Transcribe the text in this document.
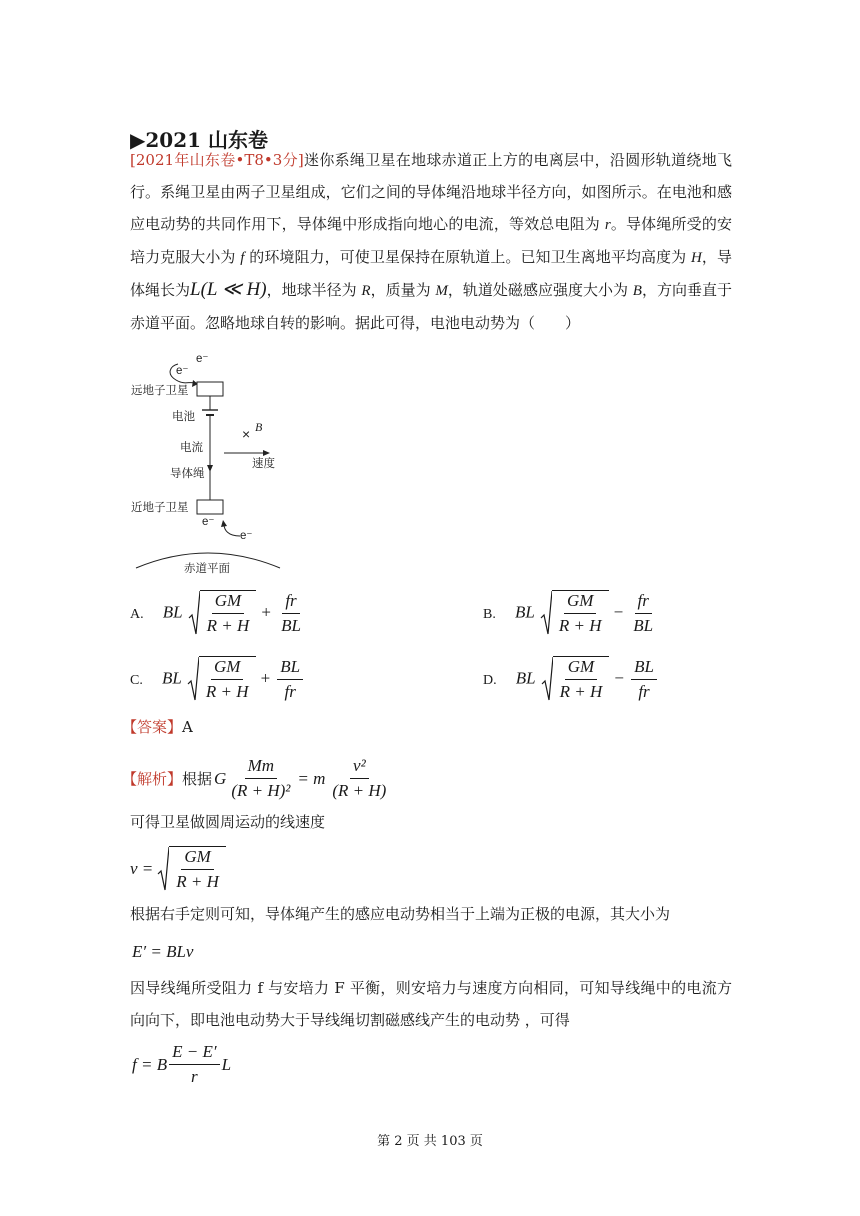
▶2021 山东卷
[2021年山东卷•T8•3分]迷你系绳卫星在地球赤道正上方的电离层中，沿圆形轨道绕地飞行。系绳卫星由两子卫星组成，它们之间的导体绳沿地球半径方向，如图所示。在电池和感应电动势的共同作用下，导体绳中形成指向地心的电流，等效总电阻为 r。导体绳所受的安培力克服大小为 f 的环境阻力，可使卫星保持在原轨道上。已知卫生离地平均高度为 H，导体绳长为L(L ≪ H)，地球半径为 R，质量为 M，轨道处磁感应强度大小为 B，方向垂直于赤道平面。忽略地球自转的影响。据此可得，电池电动势为（　　）
e⁻
e⁻
远地子卫星
电池
电流
导体绳
× B
速度
近地子卫星
e⁻
e⁻
赤道平面
A. BL $\frac{GM}{R + H} + \frac{fr}{BL}$	B. BL $\frac{GM}{R + H} - \frac{fr}{BL}$
C. BL $\frac{GM}{R + H} + \frac{BL}{fr}$	D. BL $\frac{GM}{R + H} - \frac{BL}{fr}$
【答案】A
【解析】 根据 G $\frac{Mm}{\text{(R + H)²}} = m \frac{\text{v²}}{(R + H)}$
可得卫星做圆周运动的线速度
$v = \frac{GM}{R + H}$
根据右手定则可知，导体绳产生的感应电动势相当于上端为正极的电源，其大小为
E′ = BLv
因导线绳所受阻力 f 与安培力 F 平衡，则安培力与速度方向相同，可知导线绳中的电流方向向下，即电池电动势大于导线绳切割磁感线产生的电动势 ，可得
f = B $\frac{E - E'}{r}$ L
第 2 页 共 103 页
